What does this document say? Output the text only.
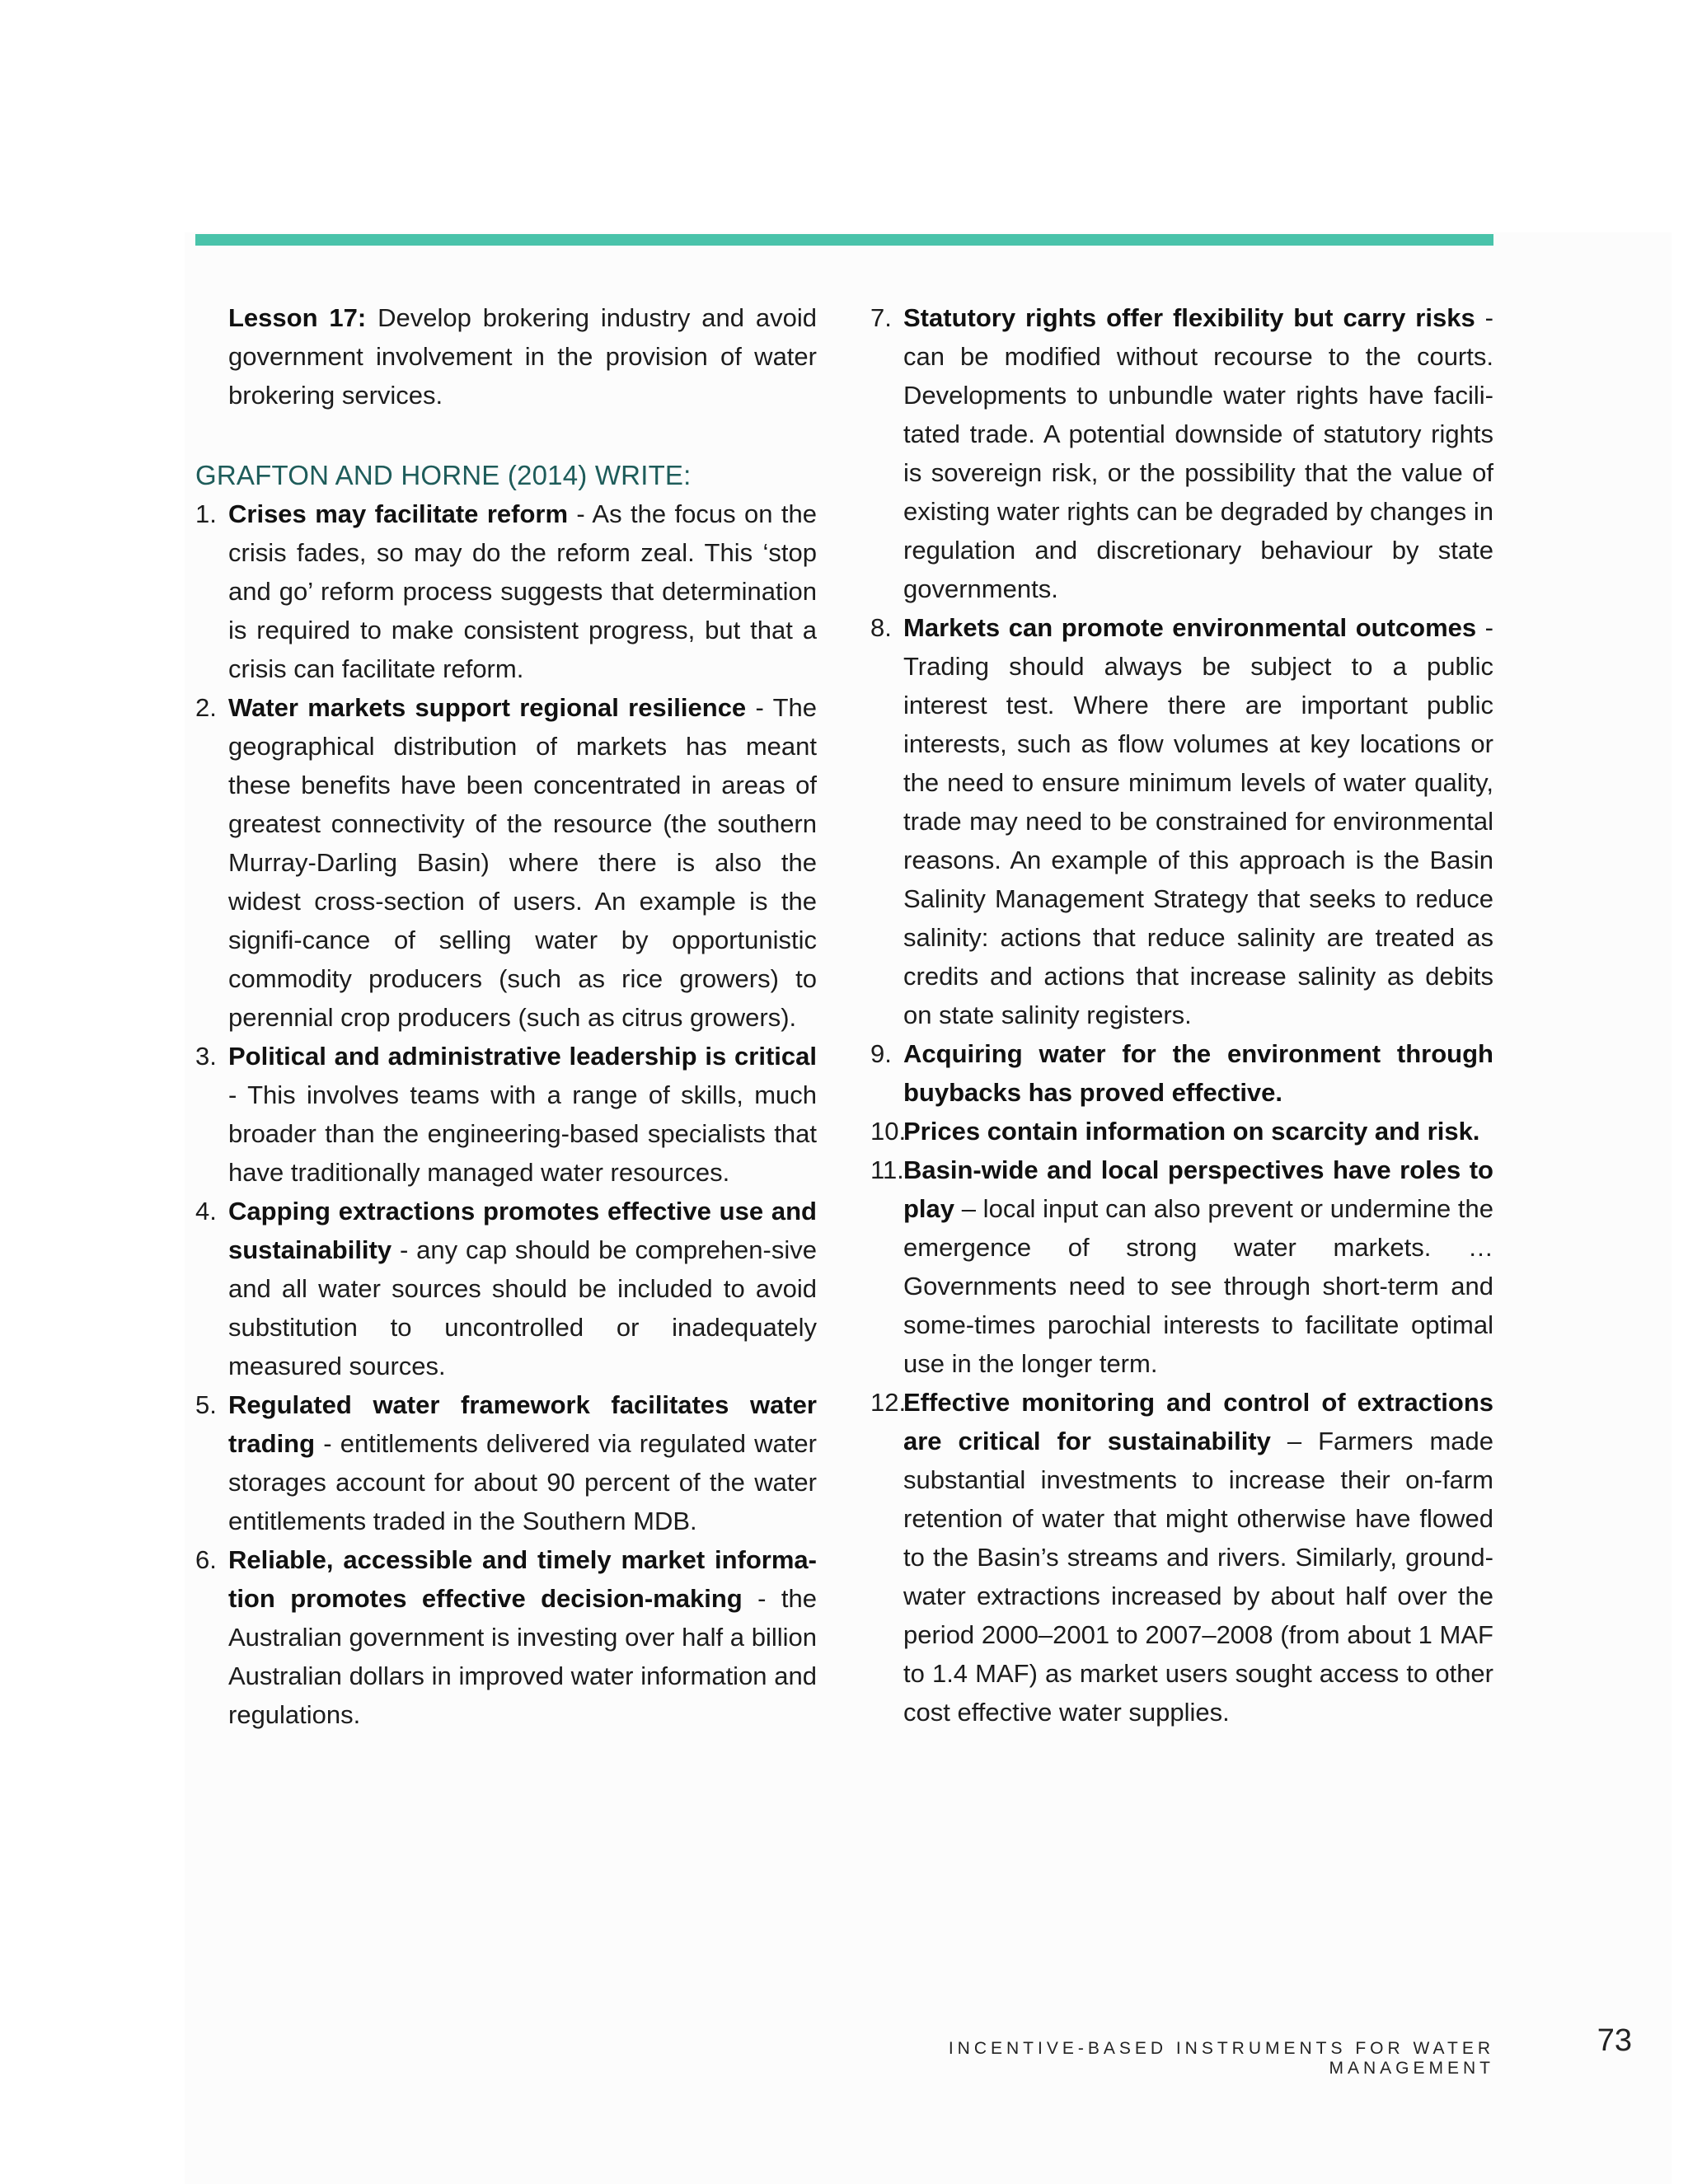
Lesson 17: Develop brokering industry and avoid government involvement in the provision of water brokering services.

GRAFTON AND HORNE (2014) WRITE:
1. Crises may facilitate reform - As the focus on the crisis fades, so may do the reform zeal. This ‘stop and go’ reform process suggests that determination is required to make consistent progress, but that a crisis can facilitate reform.
2. Water markets support regional resilience - The geographical distribution of markets has meant these benefits have been concentrated in areas of greatest connectivity of the resource (the southern Murray-Darling Basin) where there is also the widest cross-section of users. An example is the signifi-cance of selling water by opportunistic commodity producers (such as rice growers) to perennial crop producers (such as citrus growers).
3. Political and administrative leadership is critical - This involves teams with a range of skills, much broader than the engineering-based specialists that have traditionally managed water resources.
4. Capping extractions promotes effective use and sustainability - any cap should be comprehen-sive and all water sources should be included to avoid substitution to uncontrolled or inadequately measured sources.
5. Regulated water framework facilitates water trading - entitlements delivered via regulated water storages account for about 90 percent of the water entitlements traded in the Southern MDB.
6. Reliable, accessible and timely market informa-tion promotes effective decision-making - the Australian government is investing over half a billion Australian dollars in improved water information and regulations.
7. Statutory rights offer flexibility but carry risks - can be modified without recourse to the courts. Developments to unbundle water rights have facili-tated trade. A potential downside of statutory rights is sovereign risk, or the possibility that the value of existing water rights can be degraded by changes in regulation and discretionary behaviour by state governments.
8. Markets can promote environmental outcomes - Trading should always be subject to a public interest test. Where there are important public interests, such as flow volumes at key locations or the need to ensure minimum levels of water quality, trade may need to be constrained for environmental reasons. An example of this approach is the Basin Salinity Management Strategy that seeks to reduce salinity: actions that reduce salinity are treated as credits and actions that increase salinity as debits on state salinity registers.
9. Acquiring water for the environment through buybacks has proved effective.
10.
Prices contain information on scarcity and risk.
11. Basin-wide and local perspectives have roles to play – local input can also prevent or undermine the emergence of strong water markets. … Governments need to see through short-term and some-times parochial interests to facilitate optimal use in the longer term.
12.
Effective monitoring and control of extractions are critical for sustainability – Farmers made substantial investments to increase their on-farm retention of water that might otherwise have flowed to the Basin’s streams and rivers. Similarly, ground-water extractions increased by about half over the period 2000–2001 to 2007–2008 (from about 1 MAF to 1.4 MAF) as market users sought access to other cost effective water supplies.
INCENTIVE-BASED INSTRUMENTS FOR WATER MANAGEMENT
73
